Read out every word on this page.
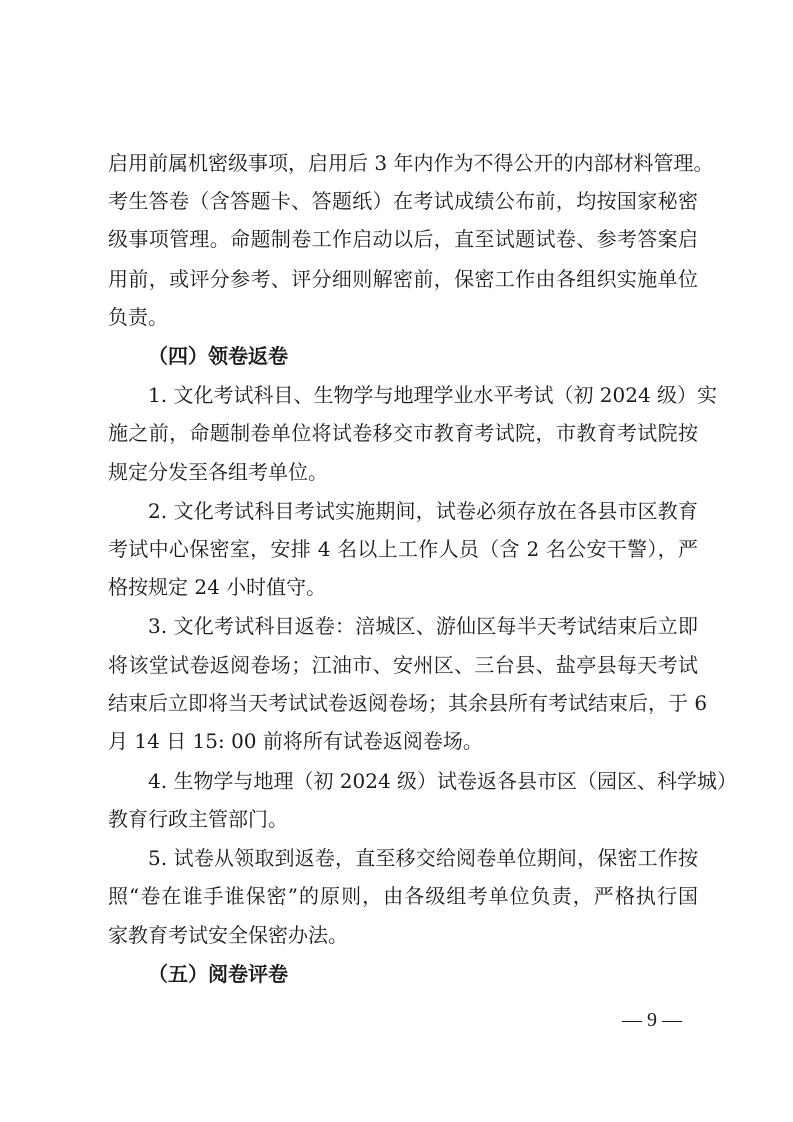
启用前属机密级事项，启用后 3 年内作为不得公开的内部材料管理。
考生答卷（含答题卡、答题纸）在考试成绩公布前，均按国家秘密
级事项管理。命题制卷工作启动以后，直至试题试卷、参考答案启
用前，或评分参考、评分细则解密前，保密工作由各组织实施单位
负责。
（四）领卷返卷
1. 文化考试科目、生物学与地理学业水平考试（初 2024 级）实
施之前，命题制卷单位将试卷移交市教育考试院，市教育考试院按
规定分发至各组考单位。
2. 文化考试科目考试实施期间，试卷必须存放在各县市区教育
考试中心保密室，安排 4 名以上工作人员（含 2 名公安干警），严
格按规定 24 小时值守。
3. 文化考试科目返卷：涪城区、游仙区每半天考试结束后立即
将该堂试卷返阅卷场；江油市、安州区、三台县、盐亭县每天考试
结束后立即将当天考试试卷返阅卷场；其余县所有考试结束后，于 6
月 14 日 15: 00 前将所有试卷返阅卷场。
4. 生物学与地理（初 2024 级）试卷返各县市区（园区、科学城）
教育行政主管部门。
5. 试卷从领取到返卷，直至移交给阅卷单位期间，保密工作按
照“卷在谁手谁保密”的原则，由各级组考单位负责，严格执行国
家教育考试安全保密办法。
（五）阅卷评卷
— 9 —
